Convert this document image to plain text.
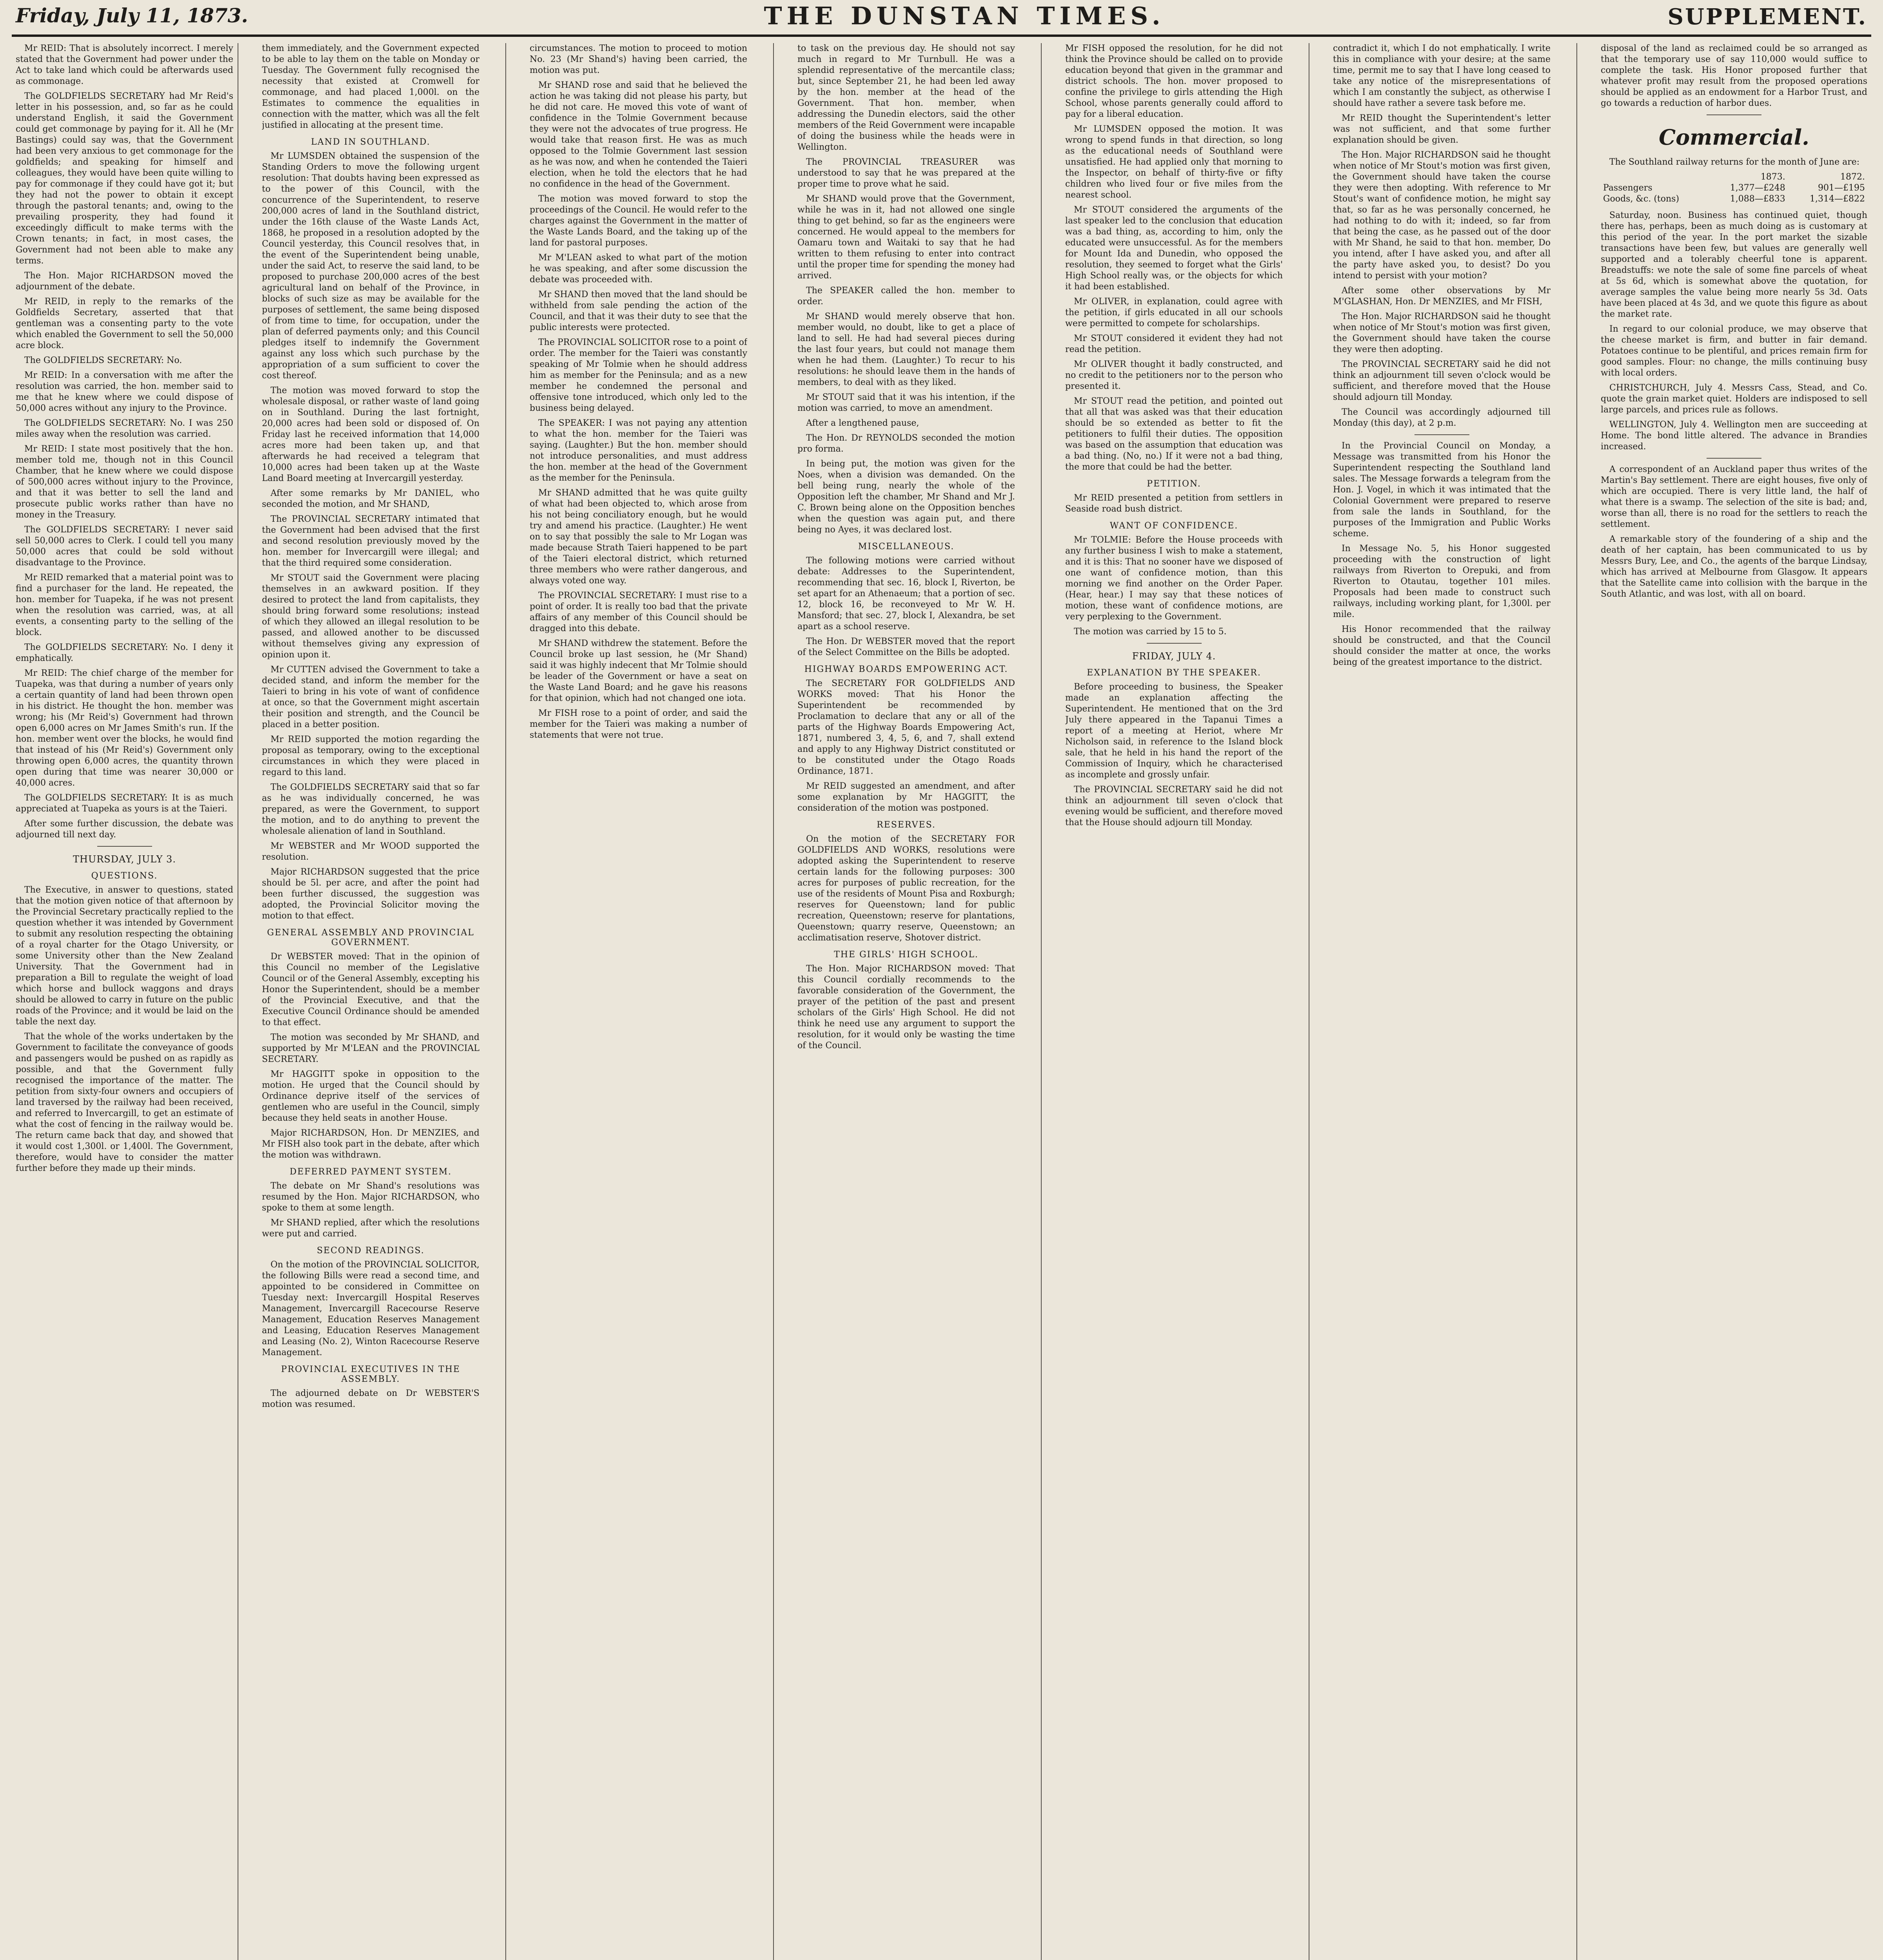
Friday, July 11, 1873.	THE DUNSTAN TIMES.	SUPPLEMENT.

Mr REID: That is absolutely incorrect. I merely stated that the Government had power under the Act to take land which could be afterwards used as commonage.

The GOLDFIELDS SECRETARY had Mr Reid's letter in his possession, and, so far as he could understand English, it said the Government could get commonage by paying for it. All he (Mr Bastings) could say was, that the Government had been very anxious to get commonage for the goldfields; and speaking for himself and colleagues, they would have been quite willing to pay for commonage if they could have got it; but they had not the power to obtain it except through the pastoral tenants; and, owing to the prevailing prosperity, they had found it exceedingly difficult to make terms with the Crown tenants; in fact, in most cases, the Government had not been able to make any terms.

The Hon. Major RICHARDSON moved the adjournment of the debate.

Mr REID, in reply to the remarks of the Goldfields Secretary, asserted that that gentleman was a consenting party to the vote which enabled the Government to sell the 50,000 acre block.

The GOLDFIELDS SECRETARY: No.

Mr REID: In a conversation with me after the resolution was carried, the hon. member said to me that he knew where we could dispose of 50,000 acres without any injury to the Province.

The GOLDFIELDS SECRETARY: No. I was 250 miles away when the resolution was carried.

Mr REID: I state most positively that the hon. member told me, though not in this Council Chamber, that he knew where we could dispose of 500,000 acres without injury to the Province, and that it was better to sell the land and prosecute public works rather than have no money in the Treasury.

The GOLDFIELDS SECRETARY: I never said sell 50,000 acres to Clerk. I could tell you many 50,000 acres that could be sold without disadvantage to the Province.

Mr REID remarked that a material point was to find a purchaser for the land. He repeated, the hon. member for Tuapeka, if he was not present when the resolution was carried, was, at all events, a consenting party to the selling of the block.

The GOLDFIELDS SECRETARY: No. I deny it emphatically.

Mr REID: The chief charge of the member for Tuapeka, was that during a number of years only a certain quantity of land had been thrown open in his district. He thought the hon. member was wrong; his (Mr Reid's) Government had thrown open 6,000 acres on Mr James Smith's run. If the hon. member went over the blocks, he would find that instead of his (Mr Reid's) Government only throwing open 6,000 acres, the quantity thrown open during that time was nearer 30,000 or 40,000 acres.

The GOLDFIELDS SECRETARY: It is as much appreciated at Tuapeka as yours is at the Taieri.

After some further discussion, the debate was adjourned till next day.

THURSDAY, JULY 3.
QUESTIONS.

The Executive, in answer to questions, stated that the motion given notice of that afternoon by the Provincial Secretary practically replied to the question whether it was intended by Government to submit any resolution respecting the obtaining of a royal charter for the Otago University, or some University other than the New Zealand University. That the Government had in preparation a Bill to regulate the weight of load which horse and bullock waggons and drays should be allowed to carry in future on the public roads of the Province; and it would be laid on the table the next day.

That the whole of the works undertaken by the Government to facilitate the conveyance of goods and passengers would be pushed on as rapidly as possible, and that the Government fully recognised the importance of the matter. The petition from sixty-four owners and occupiers of land traversed by the railway had been received, and referred to Invercargill, to get an estimate of what the cost of fencing in the railway would be. The return came back that day, and showed that it would cost 1,300l. or 1,400l. The Government, therefore, would have to consider the matter further before they made up their minds.

them immediately, and the Government expected to be able to lay them on the table on Monday or Tuesday. The Government fully recognised the necessity that existed at Cromwell for commonage, and had placed 1,000l. on the Estimates to commence the equalities in connection with the matter, which was all the felt justified in allocating at the present time.

LAND IN SOUTHLAND.

Mr LUMSDEN obtained the suspension of the Standing Orders to move the following urgent resolution: That doubts having been expressed as to the power of this Council, with the concurrence of the Superintendent, to reserve 200,000 acres of land in the Southland district, under the 16th clause of the Waste Lands Act, 1868, he proposed in a resolution adopted by the Council yesterday, this Council resolves that, in the event of the Superintendent being unable, under the said Act, to reserve the said land, to be proposed to purchase 200,000 acres of the best agricultural land on behalf of the Province, in blocks of such size as may be available for the purposes of settlement, the same being disposed of from time to time, for occupation, under the plan of deferred payments only; and this Council pledges itself to indemnify the Government against any loss which such purchase by the appropriation of a sum sufficient to cover the cost thereof.

The motion was moved forward to stop the wholesale disposal, or rather waste of land going on in Southland. During the last fortnight, 20,000 acres had been sold or disposed of. On Friday last he received information that 14,000 acres more had been taken up, and that afterwards he had received a telegram that 10,000 acres had been taken up at the Waste Land Board meeting at Invercargill yesterday.

After some remarks by Mr DANIEL, who seconded the motion, and Mr SHAND,

The PROVINCIAL SECRETARY intimated that the Government had been advised that the first and second resolution previously moved by the hon. member for Invercargill were illegal; and that the third required some consideration.

Mr STOUT said the Government were placing themselves in an awkward position. If they desired to protect the land from capitalists, they should bring forward some resolutions; instead of which they allowed an illegal resolution to be passed, and allowed another to be discussed without themselves giving any expression of opinion upon it.

Mr CUTTEN advised the Government to take a decided stand, and inform the member for the Taieri to bring in his vote of want of confidence at once, so that the Government might ascertain their position and strength, and the Council be placed in a better position.

Mr REID supported the motion regarding the proposal as temporary, owing to the exceptional circumstances in which they were placed in regard to this land.

The GOLDFIELDS SECRETARY said that so far as he was individually concerned, he was prepared, as were the Government, to support the motion, and to do anything to prevent the wholesale alienation of land in Southland.

Mr WEBSTER and Mr WOOD supported the resolution.

Major RICHARDSON suggested that the price should be 5l. per acre, and after the point had been further discussed, the suggestion was adopted, the Provincial Solicitor moving the motion to that effect.

GENERAL ASSEMBLY AND PROVINCIAL GOVERNMENT.

Dr WEBSTER moved: That in the opinion of this Council no member of the Legislative Council or of the General Assembly, excepting his Honor the Superintendent, should be a member of the Provincial Executive, and that the Executive Council Ordinance should be amended to that effect.

The motion was seconded by Mr SHAND, and supported by Mr M'LEAN and the PROVINCIAL SECRETARY.

Mr HAGGITT spoke in opposition to the motion. He urged that the Council should by Ordinance deprive itself of the services of gentlemen who are useful in the Council, simply because they held seats in another House.

Major RICHARDSON, Hon. Dr MENZIES, and Mr FISH also took part in the debate, after which the motion was withdrawn.

DEFERRED PAYMENT SYSTEM.

The debate on Mr Shand's resolutions was resumed by the Hon. Major RICHARDSON, who spoke to them at some length.

Mr SHAND replied, after which the resolutions were put and carried.

SECOND READINGS.

On the motion of the PROVINCIAL SOLICITOR, the following Bills were read a second time, and appointed to be considered in Committee on Tuesday next: Invercargill Hospital Reserves Management, Invercargill Racecourse Reserve Management, Education Reserves Management and Leasing, Education Reserves Management and Leasing (No. 2), Winton Racecourse Reserve Management.

PROVINCIAL EXECUTIVES IN THE ASSEMBLY.

The adjourned debate on Dr WEBSTER'S motion was resumed.

circumstances. The motion to proceed to motion No. 23 (Mr Shand's) having been carried, the motion was put.

Mr SHAND rose and said that he believed the action he was taking did not please his party, but he did not care. He moved this vote of want of confidence in the Tolmie Government because they were not the advocates of true progress. He would take that reason first. He was as much opposed to the Tolmie Government last session as he was now, and when he contended the Taieri election, when he told the electors that he had no confidence in the head of the Government.

The motion was moved forward to stop the proceedings of the Council. He would refer to the charges against the Government in the matter of the Waste Lands Board, and the taking up of the land for pastoral purposes.

Mr M'LEAN asked to what part of the motion he was speaking, and after some discussion the debate was proceeded with.

Mr SHAND then moved that the land should be withheld from sale pending the action of the Council, and that it was their duty to see that the public interests were protected.

The PROVINCIAL SOLICITOR rose to a point of order. The member for the Taieri was constantly speaking of Mr Tolmie when he should address him as member for the Peninsula; and as a new member he condemned the personal and offensive tone introduced, which only led to the business being delayed.

The SPEAKER: I was not paying any attention to what the hon. member for the Taieri was saying. (Laughter.) But the hon. member should not introduce personalities, and must address the hon. member at the head of the Government as the member for the Peninsula.

Mr SHAND admitted that he was quite guilty of what had been objected to, which arose from his not being conciliatory enough, but he would try and amend his practice. (Laughter.) He went on to say that possibly the sale to Mr Logan was made because Strath Taieri happened to be part of the Taieri electoral district, which returned three members who were rather dangerous, and always voted one way.

The PROVINCIAL SECRETARY: I must rise to a point of order. It is really too bad that the private affairs of any member of this Council should be dragged into this debate.

Mr SHAND withdrew the statement. Before the Council broke up last session, he (Mr Shand) said it was highly indecent that Mr Tolmie should be leader of the Government or have a seat on the Waste Land Board; and he gave his reasons for that opinion, which had not changed one iota.

Mr FISH rose to a point of order, and said the member for the Taieri was making a number of statements that were not true.

to task on the previous day. He should not say much in regard to Mr Turnbull. He was a splendid representative of the mercantile class; but, since September 21, he had been led away by the hon. member at the head of the Government. That hon. member, when addressing the Dunedin electors, said the other members of the Reid Government were incapable of doing the business while the heads were in Wellington.

The PROVINCIAL TREASURER was understood to say that he was prepared at the proper time to prove what he said.

Mr SHAND would prove that the Government, while he was in it, had not allowed one single thing to get behind, so far as the engineers were concerned. He would appeal to the members for Oamaru town and Waitaki to say that he had written to them refusing to enter into contract until the proper time for spending the money had arrived.

The SPEAKER called the hon. member to order.

Mr SHAND would merely observe that hon. member would, no doubt, like to get a place of land to sell. He had had several pieces during the last four years, but could not manage them when he had them. (Laughter.) To recur to his resolutions: he should leave them in the hands of members, to deal with as they liked.

Mr STOUT said that it was his intention, if the motion was carried, to move an amendment.

After a lengthened pause,

The Hon. Dr REYNOLDS seconded the motion pro forma.

In being put, the motion was given for the Noes, when a division was demanded. On the bell being rung, nearly the whole of the Opposition left the chamber, Mr Shand and Mr J. C. Brown being alone on the Opposition benches when the question was again put, and there being no Ayes, it was declared lost.

MISCELLANEOUS.

The following motions were carried without debate: Addresses to the Superintendent, recommending that sec. 16, block I, Riverton, be set apart for an Athenaeum; that a portion of sec. 12, block 16, be reconveyed to Mr W. H. Mansford; that sec. 27, block I, Alexandra, be set apart as a school reserve.

The Hon. Dr WEBSTER moved that the report of the Select Committee on the Bills be adopted.

HIGHWAY BOARDS EMPOWERING ACT.

The SECRETARY FOR GOLDFIELDS AND WORKS moved: That his Honor the Superintendent be recommended by Proclamation to declare that any or all of the parts of the Highway Boards Empowering Act, 1871, numbered 3, 4, 5, 6, and 7, shall extend and apply to any Highway District constituted or to be constituted under the Otago Roads Ordinance, 1871.

Mr REID suggested an amendment, and after some explanation by Mr HAGGITT, the consideration of the motion was postponed.

RESERVES.

On the motion of the SECRETARY FOR GOLDFIELDS AND WORKS, resolutions were adopted asking the Superintendent to reserve certain lands for the following purposes: 300 acres for purposes of public recreation, for the use of the residents of Mount Pisa and Roxburgh; reserves for Queenstown; land for public recreation, Queenstown; reserve for plantations, Queenstown; quarry reserve, Queenstown; an acclimatisation reserve, Shotover district.

THE GIRLS' HIGH SCHOOL.

The Hon. Major RICHARDSON moved: That this Council cordially recommends to the favorable consideration of the Government, the prayer of the petition of the past and present scholars of the Girls' High School. He did not think he need use any argument to support the resolution, for it would only be wasting the time of the Council.

Mr FISH opposed the resolution, for he did not think the Province should be called on to provide education beyond that given in the grammar and district schools. The hon. mover proposed to confine the privilege to girls attending the High School, whose parents generally could afford to pay for a liberal education.

Mr LUMSDEN opposed the motion. It was wrong to spend funds in that direction, so long as the educational needs of Southland were unsatisfied. He had applied only that morning to the Inspector, on behalf of thirty-five or fifty children who lived four or five miles from the nearest school.

Mr STOUT considered the arguments of the last speaker led to the conclusion that education was a bad thing, as, according to him, only the educated were unsuccessful. As for the members for Mount Ida and Dunedin, who opposed the resolution, they seemed to forget what the Girls' High School really was, or the objects for which it had been established.

Mr OLIVER, in explanation, could agree with the petition, if girls educated in all our schools were permitted to compete for scholarships.

Mr STOUT considered it evident they had not read the petition.

Mr OLIVER thought it badly constructed, and no credit to the petitioners nor to the person who presented it.

Mr STOUT read the petition, and pointed out that all that was asked was that their education should be so extended as better to fit the petitioners to fulfil their duties. The opposition was based on the assumption that education was a bad thing. (No, no.) If it were not a bad thing, the more that could be had the better.

PETITION.

Mr REID presented a petition from settlers in Seaside road bush district.

WANT OF CONFIDENCE.

Mr TOLMIE: Before the House proceeds with any further business I wish to make a statement, and it is this: That no sooner have we disposed of one want of confidence motion, than this morning we find another on the Order Paper. (Hear, hear.) I may say that these notices of motion, these want of confidence motions, are very perplexing to the Government.

The motion was carried by 15 to 5.

FRIDAY, JULY 4.
EXPLANATION BY THE SPEAKER.

Before proceeding to business, the Speaker made an explanation affecting the Superintendent. He mentioned that on the 3rd July there appeared in the Tapanui Times a report of a meeting at Heriot, where Mr Nicholson said, in reference to the Island block sale, that he held in his hand the report of the Commission of Inquiry, which he characterised as incomplete and grossly unfair.

The PROVINCIAL SECRETARY said he did not think an adjournment till seven o'clock that evening would be sufficient, and therefore moved that the House should adjourn till Monday.

contradict it, which I do not emphatically. I write this in compliance with your desire; at the same time, permit me to say that I have long ceased to take any notice of the misrepresentations of which I am constantly the subject, as otherwise I should have rather a severe task before me.

Mr REID thought the Superintendent's letter was not sufficient, and that some further explanation should be given.

The Hon. Major RICHARDSON said he thought when notice of Mr Stout's motion was first given, the Government should have taken the course they were then adopting. With reference to Mr Stout's want of confidence motion, he might say that, so far as he was personally concerned, he had nothing to do with it; indeed, so far from that being the case, as he passed out of the door with Mr Shand, he said to that hon. member, Do you intend, after I have asked you, and after all the party have asked you, to desist? Do you intend to persist with your motion?

After some other observations by Mr M'GLASHAN, Hon. Dr MENZIES, and Mr FISH,

The Hon. Major RICHARDSON said he thought when notice of Mr Stout's motion was first given, the Government should have taken the course they were then adopting.

The PROVINCIAL SECRETARY said he did not think an adjournment till seven o'clock would be sufficient, and therefore moved that the House should adjourn till Monday.

The Council was accordingly adjourned till Monday (this day), at 2 p.m.

In the Provincial Council on Monday, a Message was transmitted from his Honor the Superintendent respecting the Southland land sales. The Message forwards a telegram from the Hon. J. Vogel, in which it was intimated that the Colonial Government were prepared to reserve from sale the lands in Southland, for the purposes of the Immigration and Public Works scheme.

In Message No. 5, his Honor suggested proceeding with the construction of light railways from Riverton to Orepuki, and from Riverton to Otautau, together 101 miles. Proposals had been made to construct such railways, including working plant, for 1,300l. per mile.

His Honor recommended that the railway should be constructed, and that the Council should consider the matter at once, the works being of the greatest importance to the district.

disposal of the land as reclaimed could be so arranged as that the temporary use of say 110,000 would suffice to complete the task. His Honor proposed further that whatever profit may result from the proposed operations should be applied as an endowment for a Harbor Trust, and go towards a reduction of harbor dues.

Commercial.

The Southland railway returns for the month of June are:

	1873.	1872.
Passengers	1,377—£248	901—£195
Goods, &c. (tons)	1,088—£833	1,314—£822

Saturday, noon. Business has continued quiet, though there has, perhaps, been as much doing as is customary at this period of the year. In the port market the sizable transactions have been few, but values are generally well supported and a tolerably cheerful tone is apparent. Breadstuffs: we note the sale of some fine parcels of wheat at 5s 6d, which is somewhat above the quotation, for average samples the value being more nearly 5s 3d. Oats have been placed at 4s 3d, and we quote this figure as about the market rate.

In regard to our colonial produce, we may observe that the cheese market is firm, and butter in fair demand. Potatoes continue to be plentiful, and prices remain firm for good samples. Flour: no change, the mills continuing busy with local orders.

CHRISTCHURCH, July 4. Messrs Cass, Stead, and Co. quote the grain market quiet. Holders are indisposed to sell large parcels, and prices rule as follows.

WELLINGTON, July 4. Wellington men are succeeding at Home. The bond little altered. The advance in Brandies increased.

A correspondent of an Auckland paper thus writes of the Martin's Bay settlement. There are eight houses, five only of which are occupied. There is very little land, the half of what there is a swamp. The selection of the site is bad; and, worse than all, there is no road for the settlers to reach the settlement.

A remarkable story of the foundering of a ship and the death of her captain, has been communicated to us by Messrs Bury, Lee, and Co., the agents of the barque Lindsay, which has arrived at Melbourne from Glasgow. It appears that the Satellite came into collision with the barque in the South Atlantic, and was lost, with all on board.
